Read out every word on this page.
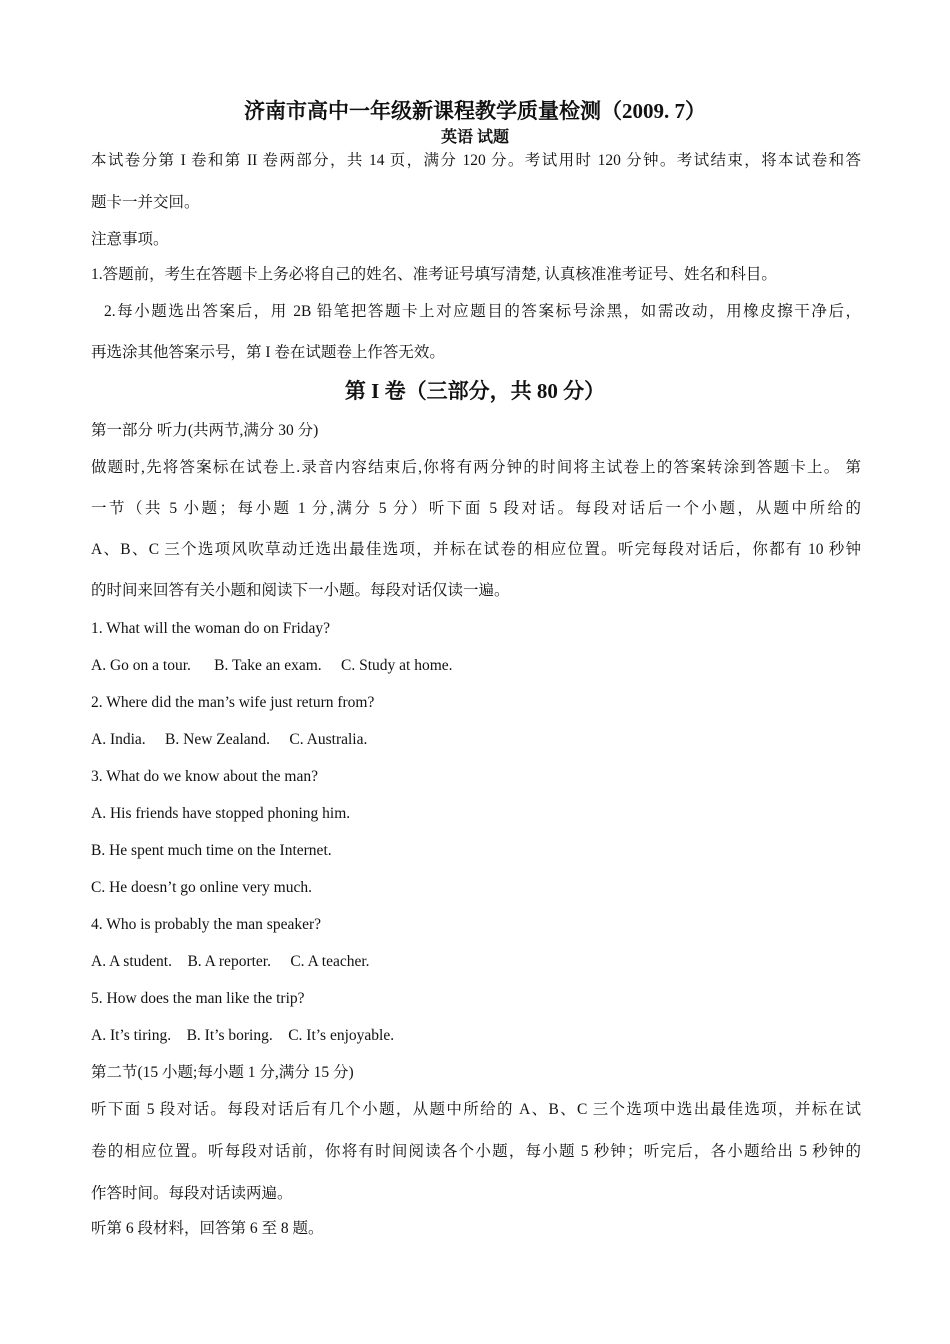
济南市高中一年级新课程教学质量检测（2009. 7）
英语 试题
本试卷分第 I 卷和第 II 卷两部分，共 14 页，满分 120 分。考试用时 120 分钟。考试结束，将本试卷和答
题卡一并交回。
注意事项。
1.答题前，考生在答题卡上务必将自己的姓名、准考证号填写清楚, 认真核准准考证号、姓名和科目。
2.每小题选出答案后，用 2B 铅笔把答题卡上对应题目的答案标号涂黑，如需改动，用橡皮擦干净后，
再选涂其他答案示号，第 I 卷在试题卷上作答无效。
第 I 卷（三部分，共 80 分）
第一部分 听力(共两节,满分 30 分)
做题时,先将答案标在试卷上.录音内容结束后,你将有两分钟的时间将主试卷上的答案转涂到答题卡上。 第
一节（共 5 小题；每小题 1 分,满分 5 分）听下面 5 段对话。每段对话后一个小题，从题中所给的
A、B、C 三个选项风吹草动迁选出最佳选项，并标在试卷的相应位置。听完每段对话后，你都有 10 秒钟
的时间来回答有关小题和阅读下一小题。每段对话仅读一遍。
1. What will the woman do on Friday?
A. Go on a tour.      B. Take an exam.     C. Study at home.
2. Where did the man’s wife just return from?
A. India.     B. New Zealand.     C. Australia.
3. What do we know about the man?
A. His friends have stopped phoning him.
B. He spent much time on the Internet.
C. He doesn’t go online very much.
4. Who is probably the man speaker?
A. A student.    B. A reporter.     C. A teacher.
5. How does the man like the trip?
A. It’s tiring.    B. It’s boring.    C. It’s enjoyable.
第二节(15 小题;每小题 1 分,满分 15 分)
听下面 5 段对话。每段对话后有几个小题，从题中所给的 A、B、C 三个选项中选出最佳选项，并标在试
卷的相应位置。听每段对话前，你将有时间阅读各个小题，每小题 5 秒钟；听完后，各小题给出 5 秒钟的
作答时间。每段对话读两遍。
听第 6 段材料，回答第 6 至 8 题。
